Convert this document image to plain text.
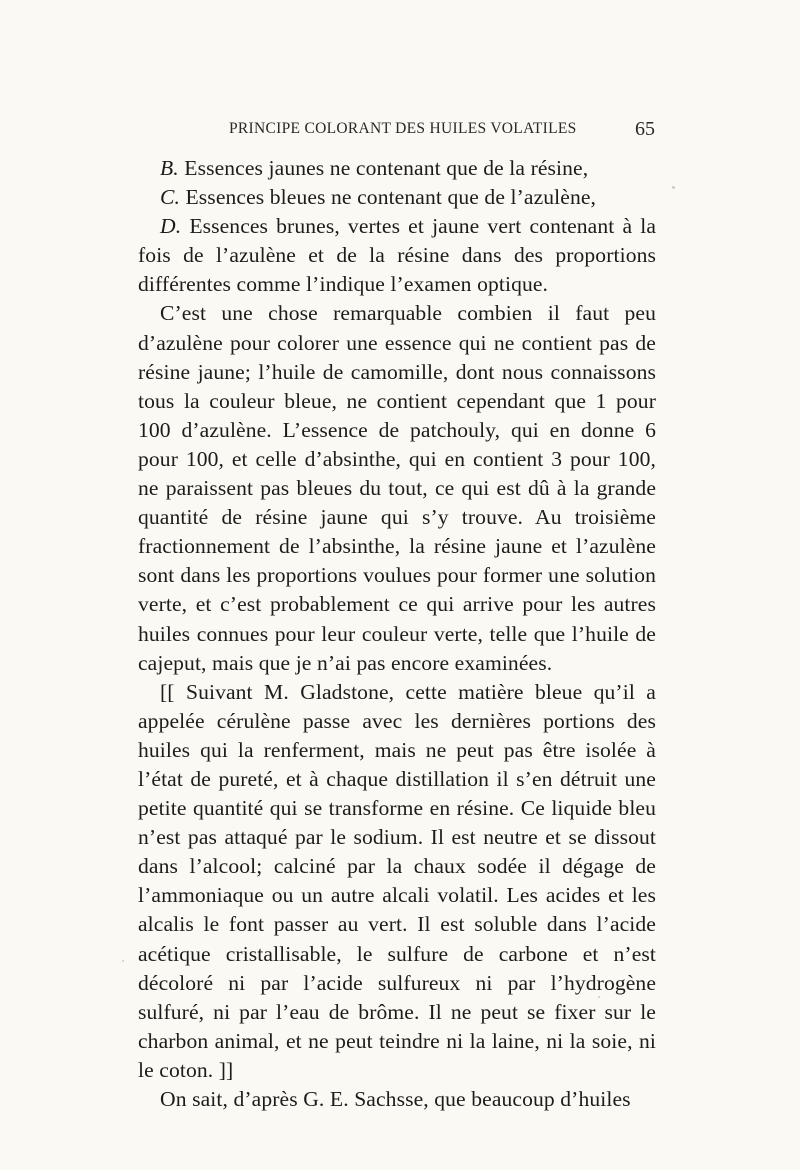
PRINCIPE COLORANT DES HUILES VOLATILES	65

B. Essences jaunes ne contenant que de la résine,

C. Essences bleues ne contenant que de l’azulène,

D. Essences brunes, vertes et jaune vert contenant à la fois de l’azulène et de la résine dans des proportions différentes comme l’indique l’examen optique.

C’est une chose remarquable combien il faut peu d’azulène pour colorer une essence qui ne contient pas de résine jaune; l’huile de camomille, dont nous connaissons tous la couleur bleue, ne contient cependant que 1 pour 100 d’azulène. L’essence de patchouly, qui en donne 6 pour 100, et celle d’absinthe, qui en contient 3 pour 100, ne paraissent pas bleues du tout, ce qui est dû à la grande quantité de résine jaune qui s’y trouve. Au troisième fractionnement de l’absinthe, la résine jaune et l’azulène sont dans les proportions voulues pour former une solution verte, et c’est probablement ce qui arrive pour les autres huiles connues pour leur couleur verte, telle que l’huile de cajeput, mais que je n’ai pas encore examinées.

[[ Suivant M. Gladstone, cette matière bleue qu’il a appelée cérulène passe avec les dernières portions des huiles qui la renferment, mais ne peut pas être isolée à l’état de pureté, et à chaque distillation il s’en détruit une petite quantité qui se transforme en résine. Ce liquide bleu n’est pas attaqué par le sodium. Il est neutre et se dissout dans l’alcool; calciné par la chaux sodée il dégage de l’ammoniaque ou un autre alcali volatil. Les acides et les alcalis le font passer au vert. Il est soluble dans l’acide acétique cristallisable, le sulfure de carbone et n’est décoloré ni par l’acide sulfureux ni par l’hydrogène sulfuré, ni par l’eau de brôme. Il ne peut se fixer sur le charbon animal, et ne peut teindre ni la laine, ni la soie, ni le coton. ]]

On sait, d’après G. E. Sachsse, que beaucoup d’huiles
